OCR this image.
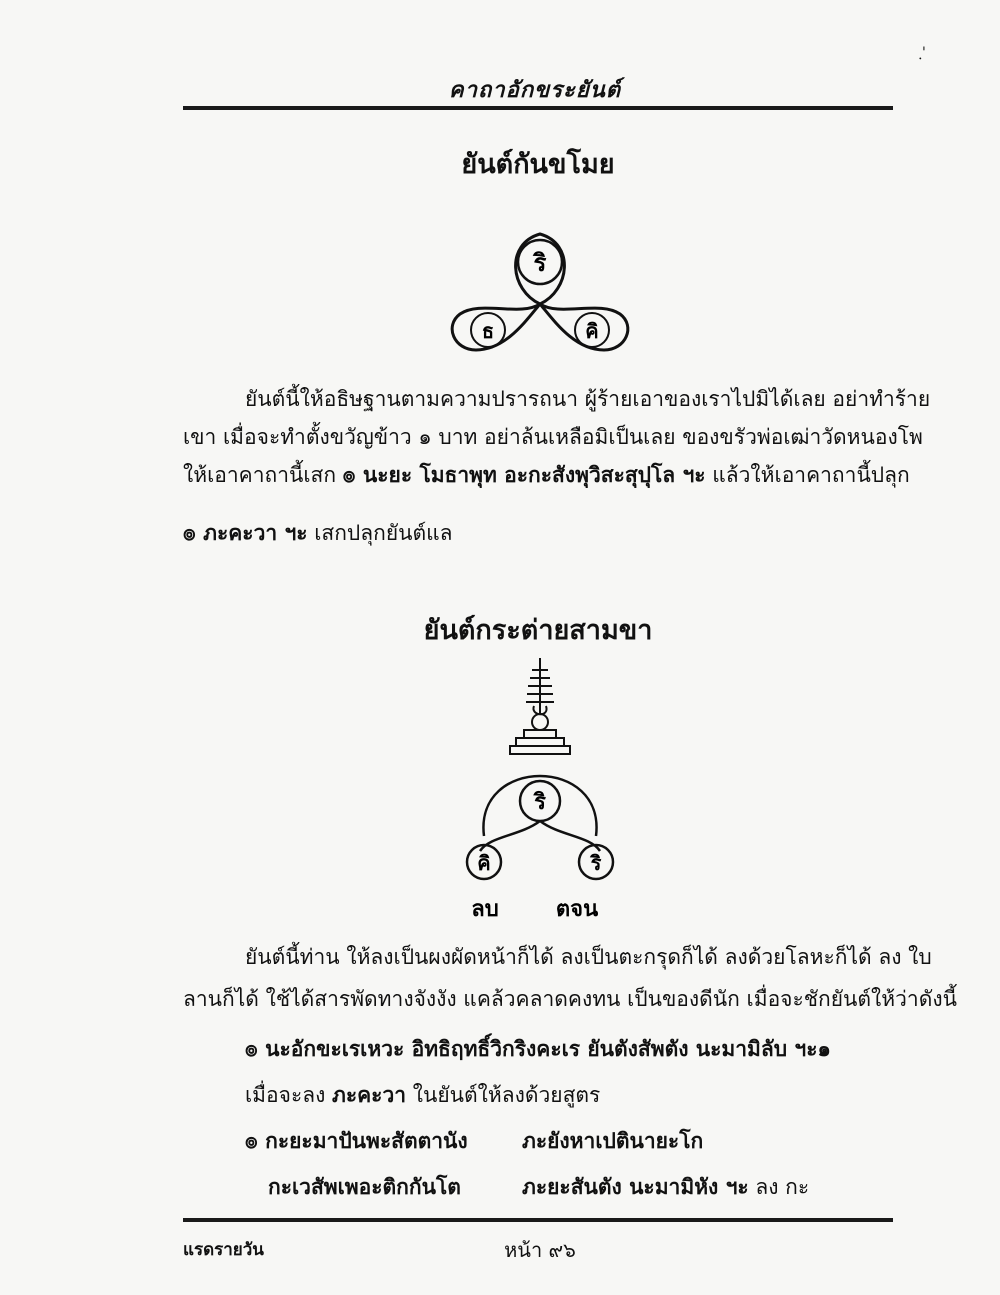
คาถาอักขระยันต์
ฺ'
ยันต์กันขโมย
ริ
ธ	คิ
ยันต์นี้ให้อธิษฐานตามความปรารถนา ผู้ร้ายเอาของเราไปมิได้เลย อย่าทำร้าย
เขา เมื่อจะทำตั้งขวัญข้าว ๑ บาท อย่าล้นเหลือมิเป็นเลย ของขรัวพ่อเฒ่าวัดหนองโพ
ให้เอาคาถานี้เสก ๏ นะยะ โมธาพุท อะกะสังพุวิสะสุปุโล ฯะ แล้วให้เอาคาถานี้ปลุก
๏ ภะคะวา ฯะ เสกปลุกยันต์แล
ยันต์กระต่ายสามขา
ริ
คิ	ริ
ลบ	ตจน
ยันต์นี้ท่าน ให้ลงเป็นผงผัดหน้าก็ได้ ลงเป็นตะกรุดก็ได้ ลงด้วยโลหะก็ได้ ลง ใบ
ลานก็ได้ ใช้ได้สารพัดทางจังงัง แคล้วคลาดคงทน เป็นของดีนัก เมื่อจะชักยันต์ให้ว่าดังนี้
๏ นะอักขะเรเหวะ อิทธิฤทธิ์วิกริงคะเร ยันตังสัพตัง นะมามิลับ ฯะ๑
เมื่อจะลง ภะคะวา ในยันต์ให้ลงด้วยสูตร
๏ กะยะมาปันพะสัตตานัง	ภะยังหาเปตินายะโก
กะเวสัพเพอะติกกันโต	ภะยะสันตัง นะมามิหัง ฯะ ลง กะ
แรดรายวัน	หน้า ๙๖
